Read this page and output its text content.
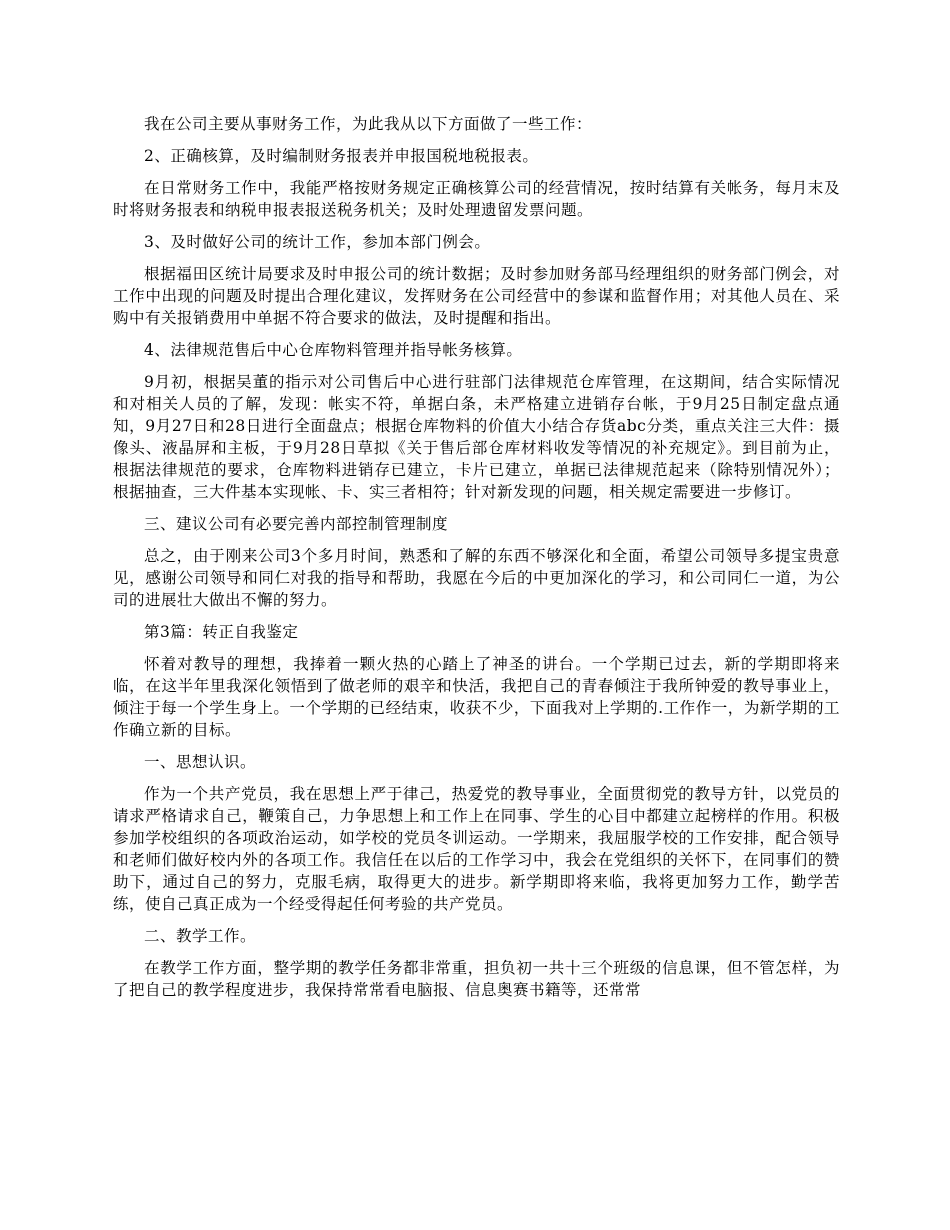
我在公司主要从事财务工作，为此我从以下方面做了一些工作：

2、正确核算，及时编制财务报表并申报国税地税报表。

在日常财务工作中，我能严格按财务规定正确核算公司的经营情况，按时结算有关帐务，每月末及时将财务报表和纳税申报表报送税务机关；及时处理遗留发票问题。

3、及时做好公司的统计工作，参加本部门例会。

根据福田区统计局要求及时申报公司的统计数据；及时参加财务部马经理组织的财务部门例会，对工作中出现的问题及时提出合理化建议，发挥财务在公司经营中的参谋和监督作用；对其他人员在、采购中有关报销费用中单据不符合要求的做法，及时提醒和指出。

4、法律规范售后中心仓库物料管理并指导帐务核算。

9月初，根据吴董的指示对公司售后中心进行驻部门法律规范仓库管理，在这期间，结合实际情况和对相关人员的了解，发现：帐实不符，单据白条，未严格建立进销存台帐，于9月25日制定盘点通知，9月27日和28日进行全面盘点；根据仓库物料的价值大小结合存货abc分类，重点关注三大件：摄像头、液晶屏和主板，于9月28日草拟《关于售后部仓库材料收发等情况的补充规定》。到目前为止，根据法律规范的要求，仓库物料进销存已建立，卡片已建立，单据已法律规范起来（除特别情况外）；根据抽查，三大件基本实现帐、卡、实三者相符；针对新发现的问题，相关规定需要进一步修订。

三、建议公司有必要完善内部控制管理制度

总之，由于刚来公司3个多月时间，熟悉和了解的东西不够深化和全面，希望公司领导多提宝贵意见，感谢公司领导和同仁对我的指导和帮助，我愿在今后的中更加深化的学习，和公司同仁一道，为公司的进展壮大做出不懈的努力。

第3篇：转正自我鉴定

怀着对教导的理想，我捧着一颗火热的心踏上了神圣的讲台。一个学期已过去，新的学期即将来临，在这半年里我深化领悟到了做老师的艰辛和快活，我把自己的青春倾注于我所钟爱的教导事业上，倾注于每一个学生身上。一个学期的已经结束，收获不少，下面我对上学期的.工作作一，为新学期的工作确立新的目标。

一、思想认识。

作为一个共产党员，我在思想上严于律己，热爱党的教导事业，全面贯彻党的教导方针，以党员的请求严格请求自己，鞭策自己，力争思想上和工作上在同事、学生的心目中都建立起榜样的作用。积极参加学校组织的各项政治运动，如学校的党员冬训运动。一学期来，我屈服学校的工作安排，配合领导和老师们做好校内外的各项工作。我信任在以后的工作学习中，我会在党组织的关怀下，在同事们的赞助下，通过自己的努力，克服毛病，取得更大的进步。新学期即将来临，我将更加努力工作，勤学苦练，使自己真正成为一个经受得起任何考验的共产党员。

二、教学工作。

在教学工作方面，整学期的教学任务都非常重，担负初一共十三个班级的信息课，但不管怎样，为了把自己的教学程度进步，我保持常常看电脑报、信息奥赛书籍等，还常常
